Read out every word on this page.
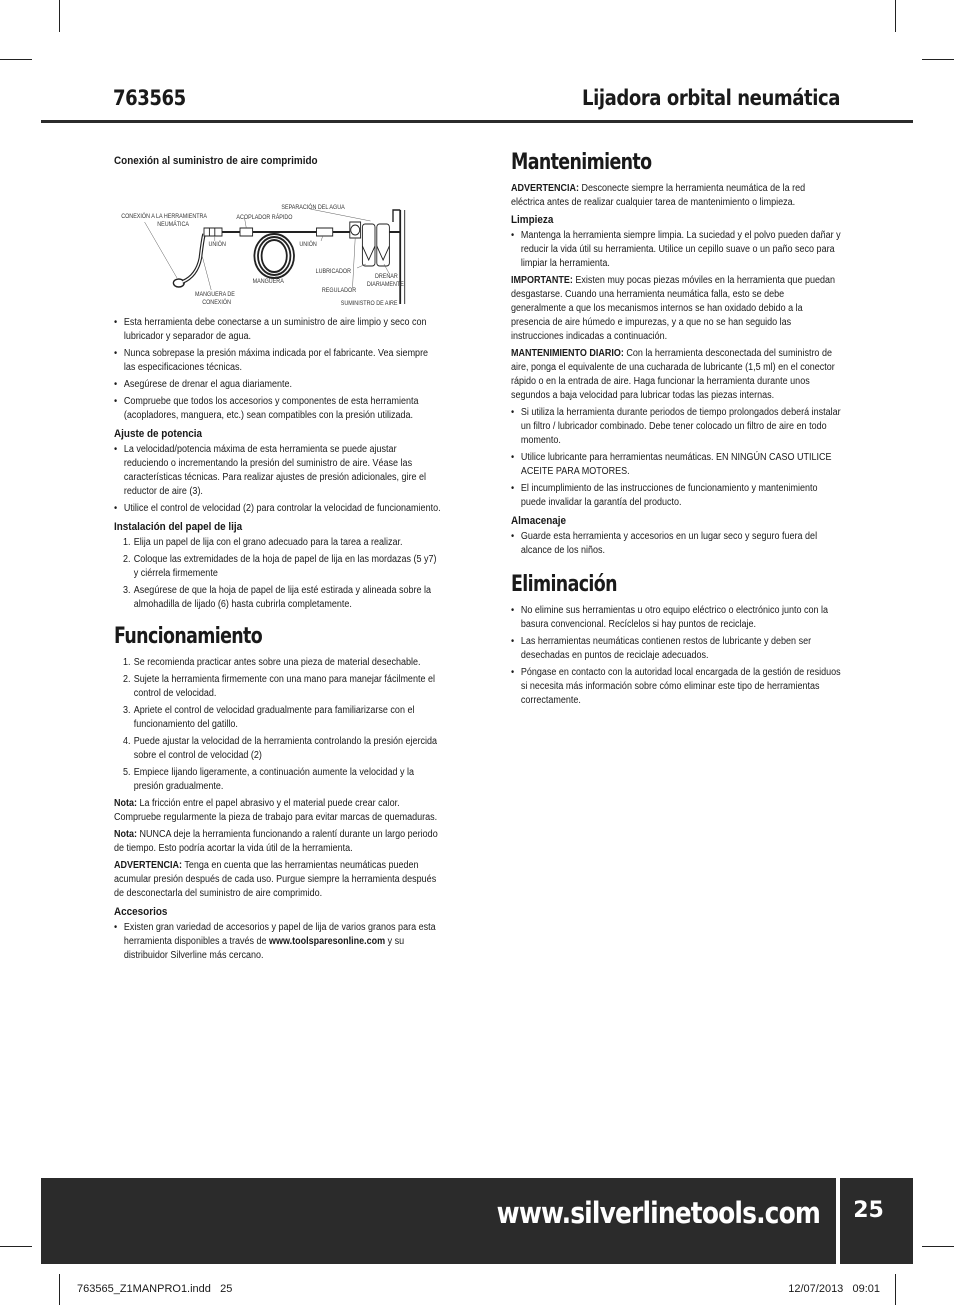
763565	Lijadora orbital neumática
Conexión al suministro de aire comprimido
CONEXIÓN A LA HERRAMIENTRA
NEUMÁTICA
ACOPLADOR RÁPIDO
SEPARACIÓN DEL AGUA
UNIÓN	UNIÓN
MANGUERA
LUBRICADOR
DRENAR
DIARIAMENTE
REGULADOR
MANGUERA DE
CONEXIÓN	SUMINISTRO DE AIRE
• Esta herramienta debe conectarse a un suministro de aire limpio y seco con lubricador y separador de agua.
• Nunca sobrepase la presión máxima indicada por el fabricante. Vea siempre las especificaciones técnicas.
• Asegúrese de drenar el agua diariamente.
• Compruebe que todos los accesorios y componentes de esta herramienta (acopladores, manguera, etc.) sean compatibles con la presión utilizada.
Ajuste de potencia
• La velocidad/potencia máxima de esta herramienta se puede ajustar reduciendo o incrementando la presión del suministro de aire. Véase las características técnicas. Para realizar ajustes de presión adicionales, gire el reductor de aire (3).
• Utilice el control de velocidad (2) para controlar la velocidad de funcionamiento.
Instalación del papel de lija
1. Elija un papel de lija con el grano adecuado para la tarea a realizar.
2. Coloque las extremidades de la hoja de papel de lija en las mordazas (5 y7) y ciérrela firmemente
3. Asegúrese de que la hoja de papel de lija esté estirada y alineada sobre la almohadilla de lijado (6) hasta cubrirla completamente.
Funcionamiento
1. Se recomienda practicar antes sobre una pieza de material desechable.
2. Sujete la herramienta firmemente con una mano para manejar fácilmente el control de velocidad.
3. Apriete el control de velocidad gradualmente para familiarizarse con el funcionamiento del gatillo.
4. Puede ajustar la velocidad de la herramienta controlando la presión ejercida sobre el control de velocidad (2)
5. Empiece lijando ligeramente, a continuación aumente la velocidad y la presión gradualmente.

Nota: La fricción entre el papel abrasivo y el material puede crear calor. Compruebe regularmente la pieza de trabajo para evitar marcas de quemaduras.

Nota: NUNCA deje la herramienta funcionando a ralentí durante un largo periodo de tiempo. Esto podría acortar la vida útil de la herramienta.

ADVERTENCIA: Tenga en cuenta que las herramientas neumáticas pueden acumular presión después de cada uso. Purgue siempre la herramienta después de desconectarla del suministro de aire comprimido.

Accesorios
• Existen gran variedad de accesorios y papel de lija de varios granos para esta herramienta disponibles a través de www.toolsparesonline.com y su distribuidor Silverline más cercano.
Mantenimiento

ADVERTENCIA: Desconecte siempre la herramienta neumática de la red eléctrica antes de realizar cualquier tarea de mantenimiento o limpieza.

Limpieza
• Mantenga la herramienta siempre limpia. La suciedad y el polvo pueden dañar y reducir la vida útil su herramienta. Utilice un cepillo suave o un paño seco para limpiar la herramienta.

IMPORTANTE: Existen muy pocas piezas móviles en la herramienta que puedan desgastarse. Cuando una herramienta neumática falla, esto se debe generalmente a que los mecanismos internos se han oxidado debido a la presencia de aire húmedo e impurezas, y a que no se han seguido las instrucciones indicadas a continuación.

MANTENIMIENTO DIARIO: Con la herramienta desconectada del suministro de aire, ponga el equivalente de una cucharada de lubricante (1,5 ml) en el conector rápido o en la entrada de aire. Haga funcionar la herramienta durante unos segundos a baja velocidad para lubricar todas las piezas internas.

• Si utiliza la herramienta durante periodos de tiempo prolongados deberá instalar un filtro / lubricador combinado. Debe tener colocado un filtro de aire en todo momento.
• Utilice lubricante para herramientas neumáticas. EN NINGÚN CASO UTILICE ACEITE PARA MOTORES.
• El incumplimiento de las instrucciones de funcionamiento y mantenimiento puede invalidar la garantía del producto.
Almacenaje
• Guarde esta herramienta y accesorios en un lugar seco y seguro fuera del alcance de los niños.
Eliminación
• No elimine sus herramientas u otro equipo eléctrico o electrónico junto con la basura convencional. Recíclelos si hay puntos de reciclaje.
• Las herramientas neumáticas contienen restos de lubricante y deben ser desechadas en puntos de reciclaje adecuados.
• Póngase en contacto con la autoridad local encargada de la gestión de residuos si necesita más información sobre cómo eliminar este tipo de herramientas correctamente.
www.silverlinetools.com	25
763565_Z1MANPRO1.indd   25	12/07/2013   09:01
